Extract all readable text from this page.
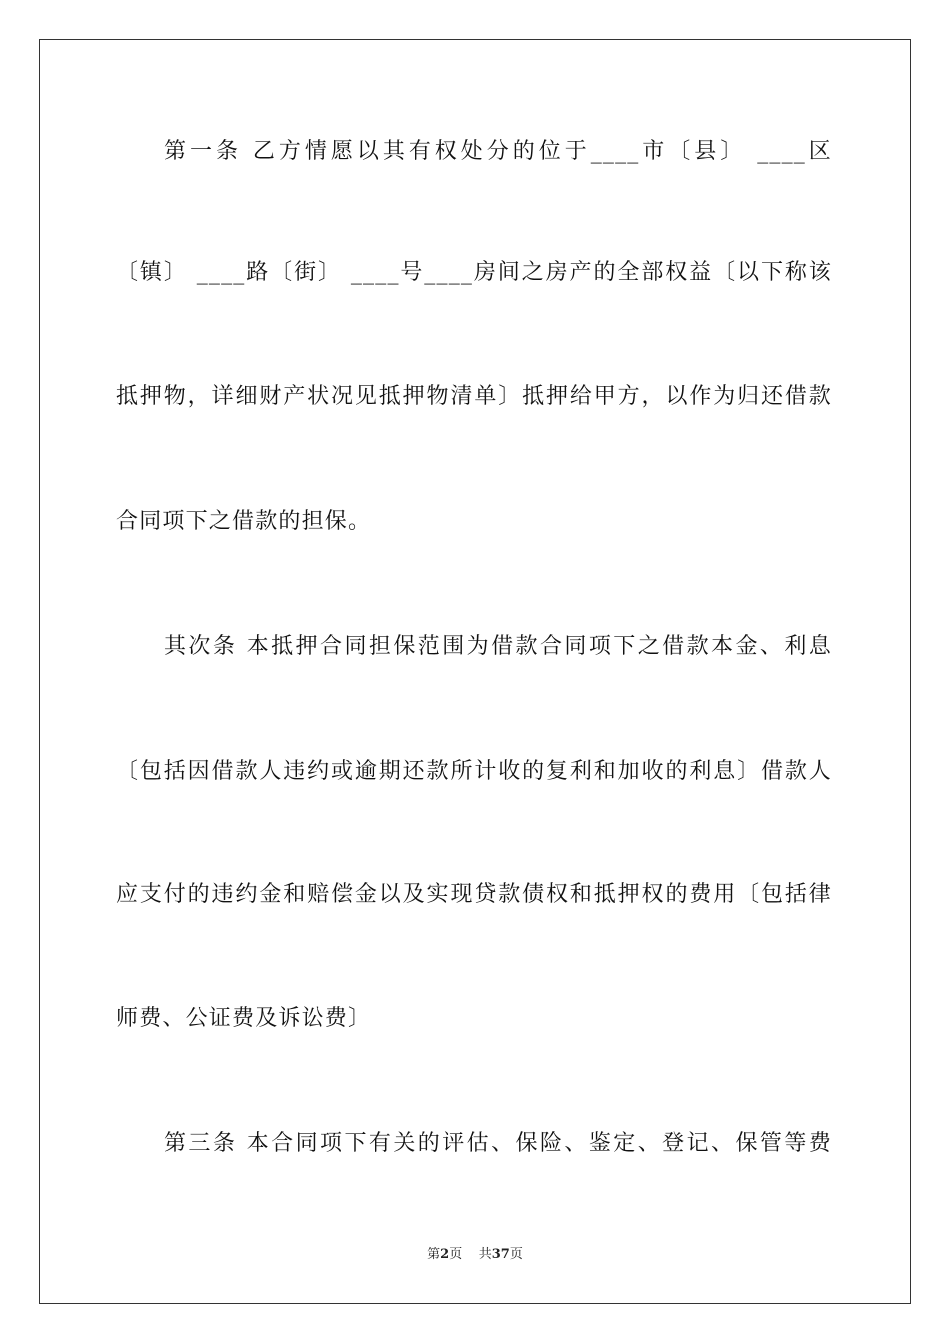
第一条 乙方情愿以其有权处分的位于____市〔县〕 ____区
〔镇〕 ____路〔街〕 ____号____房间之房产的全部权益〔以下称该
抵押物，详细财产状况见抵押物清单〕抵押给甲方，以作为归还借款
合同项下之借款的担保。
其次条 本抵押合同担保范围为借款合同项下之借款本金、利息
〔包括因借款人违约或逾期还款所计收的复利和加收的利息〕借款人
应支付的违约金和赔偿金以及实现贷款债权和抵押权的费用〔包括律
师费、公证费及诉讼费〕
第三条 本合同项下有关的评估、保险、鉴定、登记、保管等费
第2页 共37页
